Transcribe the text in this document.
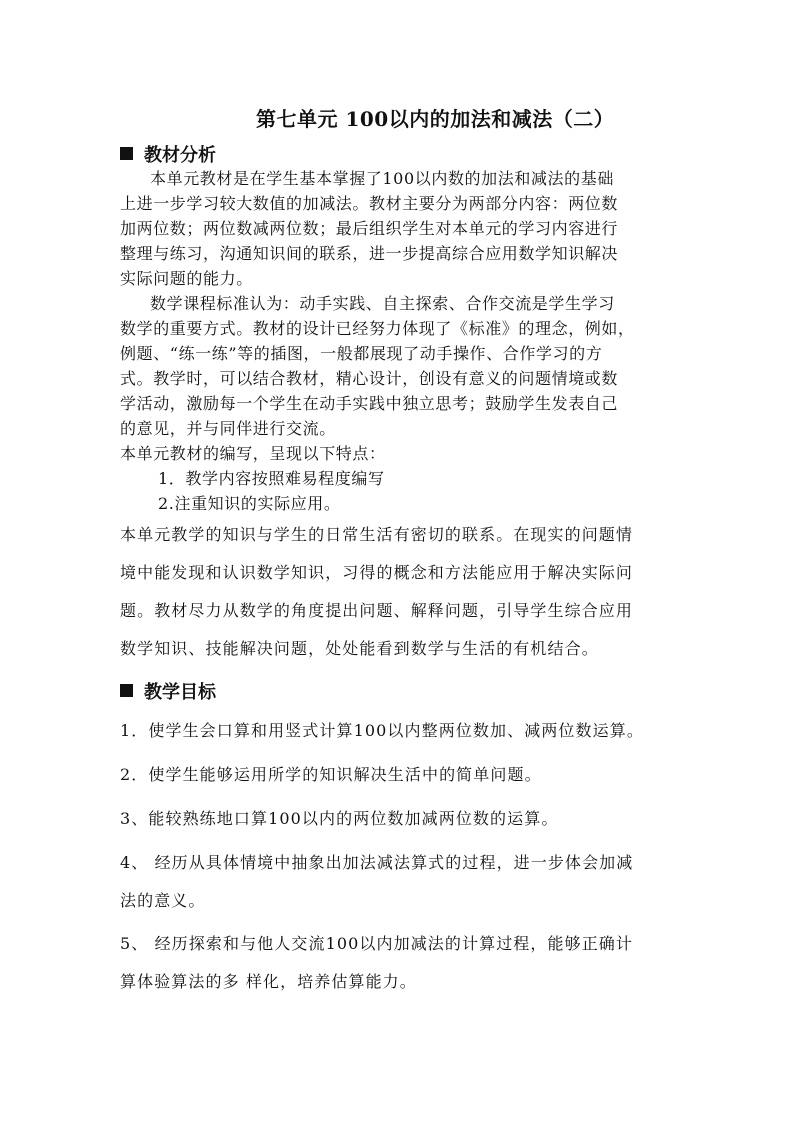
第七单元 100以内的加法和减法（二）
教材分析
本单元教材是在学生基本掌握了100以内数的加法和减法的基础
上进一步学习较大数值的加减法。教材主要分为两部分内容：两位数
加两位数；两位数减两位数；最后组织学生对本单元的学习内容进行
整理与练习，沟通知识间的联系，进一步提高综合应用数学知识解决
实际问题的能力。
数学课程标准认为：动手实践、自主探索、合作交流是学生学习
数学的重要方式。教材的设计已经努力体现了《标准》的理念，例如，
例题、“练一练”等的插图，一般都展现了动手操作、合作学习的方
式。教学时，可以结合教材，精心设计，创设有意义的问题情境或数
学活动，激励每一个学生在动手实践中独立思考；鼓励学生发表自己
的意见，并与同伴进行交流。
本单元教材的编写，呈现以下特点：
1．教学内容按照难易程度编写
2.注重知识的实际应用。
本单元教学的知识与学生的日常生活有密切的联系。在现实的问题情
境中能发现和认识数学知识，习得的概念和方法能应用于解决实际问
题。教材尽力从数学的角度提出问题、解释问题，引导学生综合应用
数学知识、技能解决问题，处处能看到数学与生活的有机结合。
教学目标
1．使学生会口算和用竖式计算100以内整两位数加、减两位数运算。
2．使学生能够运用所学的知识解决生活中的简单问题。
3、能较熟练地口算100以内的两位数加减两位数的运算。
4、 经历从具体情境中抽象出加法减法算式的过程，进一步体会加减
法的意义。
5、 经历探索和与他人交流100以内加减法的计算过程，能够正确计
算体验算法的多 样化，培养估算能力。
